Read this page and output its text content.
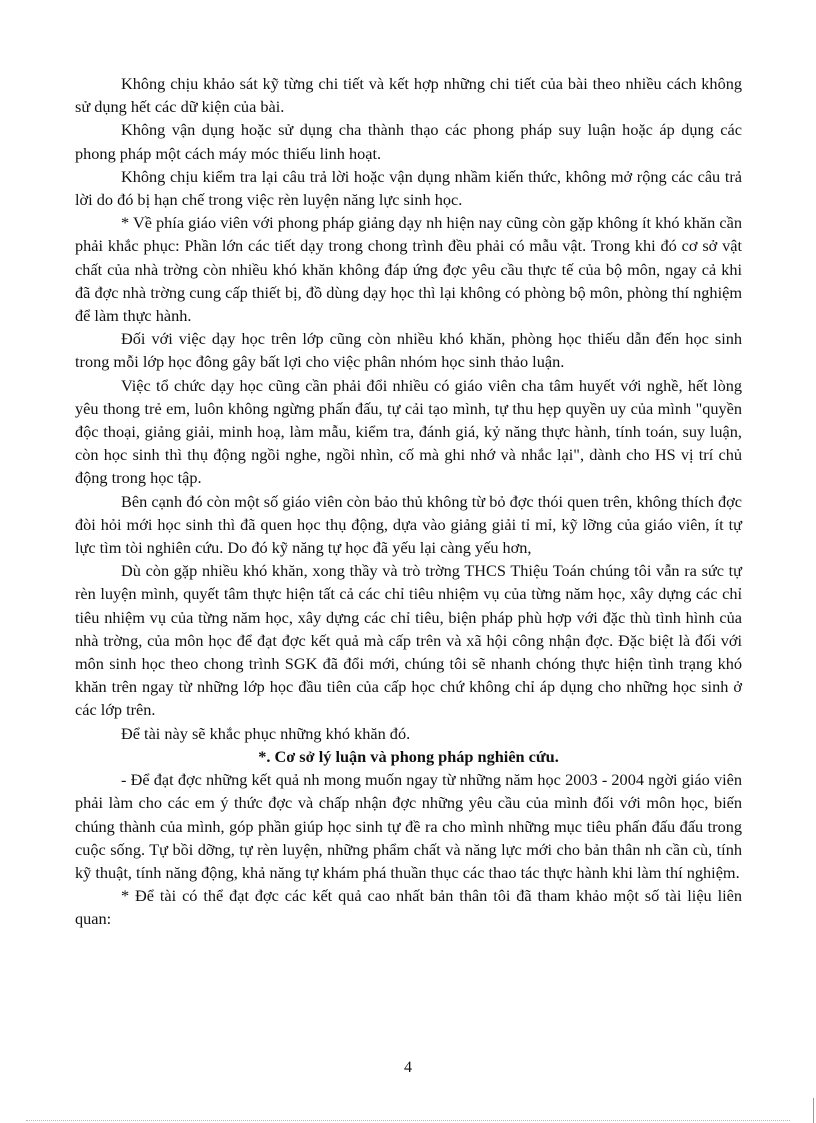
Không chịu khảo sát kỹ từng chi tiết và kết hợp những chi tiết của bài theo nhiều cách không sử dụng hết các dữ kiện của bài.

Không vận dụng hoặc sử dụng cha thành thạo các phong pháp suy luận hoặc áp dụng các phong pháp một cách máy móc thiếu linh hoạt.

Không chịu kiểm tra lại câu trả lời hoặc vận dụng nhầm kiến thức, không mở rộng các câu trả lời do đó bị hạn chế trong việc rèn luyện năng lực sinh học.

* Về phía giáo viên với phong pháp giảng dạy nh hiện nay cũng còn gặp không ít khó khăn cần phải khắc phục: Phần lớn các tiết dạy trong chong trình đều phải có mẫu vật. Trong khi đó cơ sở vật chất của nhà trờng còn nhiều khó khăn không đáp ứng đợc yêu cầu thực tế của bộ môn, ngay cả khi đã đợc nhà trờng cung cấp thiết bị, đồ dùng dạy học thì lại không có phòng bộ môn, phòng thí nghiệm để làm thực hành.

Đối với việc dạy học trên lớp cũng còn nhiều khó khăn, phòng học thiếu dẫn đến học sinh trong mỗi lớp học đông gây bất lợi cho việc phân nhóm học sinh thảo luận.

Việc tổ chức dạy học cũng cần phải đổi nhiều có giáo viên cha tâm huyết với nghề, hết lòng yêu thong trẻ em, luôn không ngừng phấn đấu, tự cải tạo mình, tự thu hẹp quyền uy của mình "quyền độc thoại, giảng giải, minh hoạ, làm mẫu, kiểm tra, đánh giá, kỷ năng thực hành, tính toán, suy luận, còn học sinh thì thụ động ngồi nghe, ngồi nhìn, cố mà ghi nhớ và nhắc lại", dành cho HS vị trí chủ động trong học tập.

Bên cạnh đó còn một số giáo viên còn bảo thủ không từ bỏ đợc thói quen trên, không thích đợc đòi hỏi mới học sinh thì đã quen học thụ động, dựa vào giảng giải tỉ mỉ, kỹ lỡng của giáo viên, ít tự lực tìm tòi nghiên cứu. Do đó kỹ năng tự học đã yếu lại càng yếu hơn,

Dù còn gặp nhiều khó khăn, xong thầy và trò trờng THCS Thiệu Toán chúng tôi vẫn ra sức tự rèn luyện mình, quyết tâm thực hiện tất cả các chỉ tiêu nhiệm vụ của từng năm học, xây dựng các chỉ tiêu nhiệm vụ của từng năm học, xây dựng các chỉ tiêu, biện pháp phù hợp với đặc thù tình hình của nhà trờng, của môn học để đạt đợc kết quả mà cấp trên và xã hội công nhận đợc. Đặc biệt là đối với môn sinh học theo chong trình SGK đã đổi mới, chúng tôi sẽ nhanh chóng thực hiện tình trạng khó khăn trên ngay từ những lớp học đầu tiên của cấp học chứ không chỉ áp dụng cho những học sinh ở các lớp trên.

Để tài này sẽ khắc phục những khó khăn đó.

*. Cơ sở lý luận và phong pháp nghiên cứu.

- Để đạt đợc những kết quả nh mong muốn ngay từ những năm học 2003 - 2004 ngời giáo viên phải làm cho các em ý thức đợc và chấp nhận đợc những yêu cầu của mình đối với môn học, biến chúng thành của mình, góp phần giúp học sinh tự đề ra cho mình những mục tiêu phấn đấu đấu trong cuộc sống. Tự bồi dỡng, tự rèn luyện, những phẩm chất và năng lực mới cho bản thân nh cần cù, tính kỹ thuật, tính năng động, khả năng tự khám phá thuần thục các thao tác thực hành khi làm thí nghiệm.

* Để tài có thể đạt đợc các kết quả cao nhất bản thân tôi đã tham khảo một số tài liệu liên quan:

4
